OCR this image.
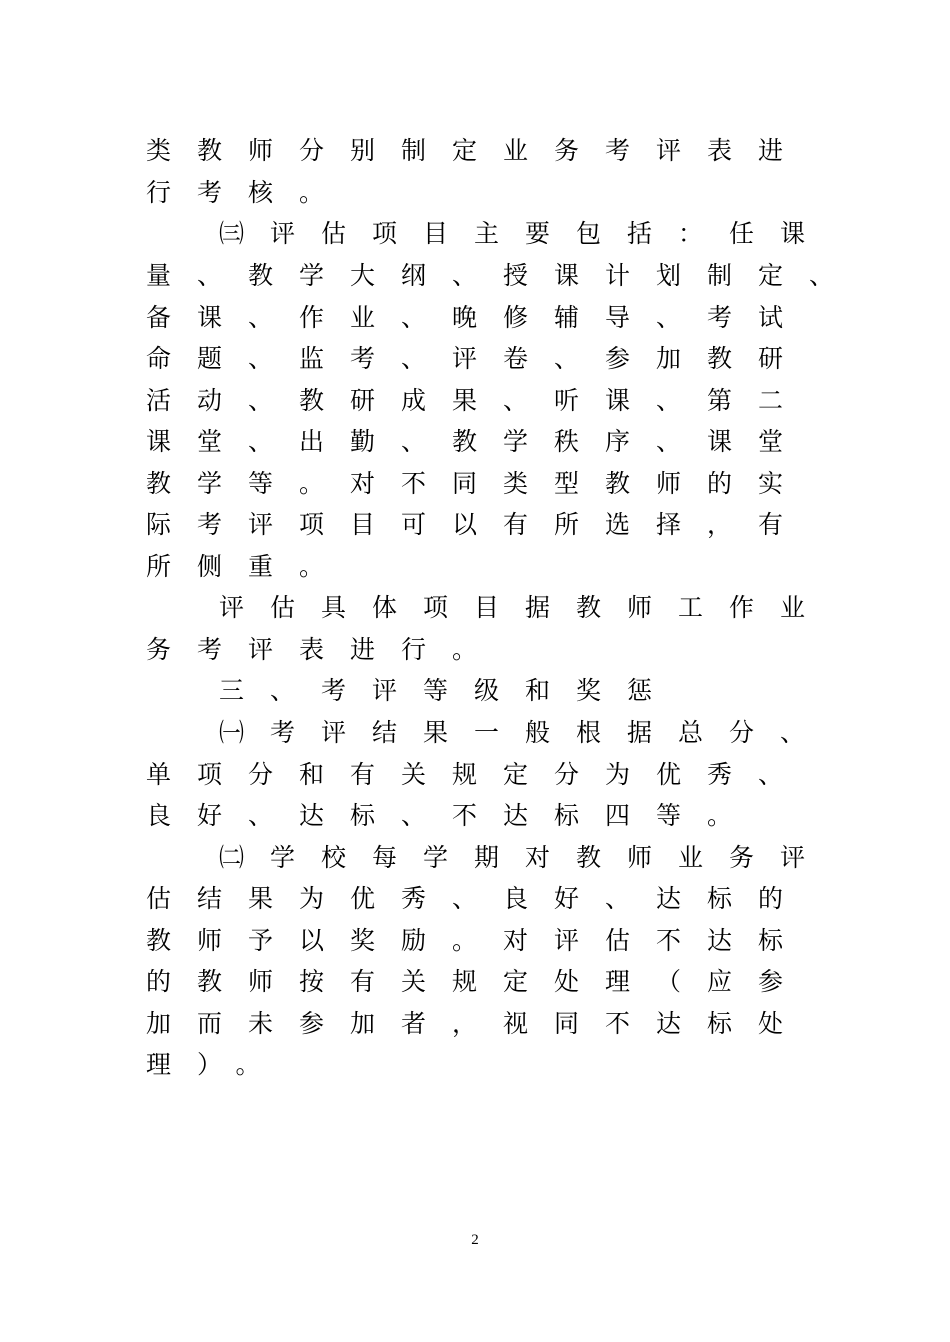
类教师分别制定业务考评表进
行考核。
㈢评估项目主要包括：任课
量、教学大纲、授课计划制定、
备课、作业、晚修辅导、考试
命题、监考、评卷、参加教研
活动、教研成果、听课、第二
课堂、出勤、教学秩序、课堂
教学等。对不同类型教师的实
际考评项目可以有所选择，有
所侧重。
评估具体项目据教师工作业
务考评表进行。
三、考评等级和奖惩
㈠考评结果一般根据总分、
单项分和有关规定分为优秀、
良好、达标、不达标四等。
㈡学校每学期对教师业务评
估结果为优秀、良好、达标的
教师予以奖励。对评估不达标
的教师按有关规定处理（应参
加而未参加者，视同不达标处
理）。
2
